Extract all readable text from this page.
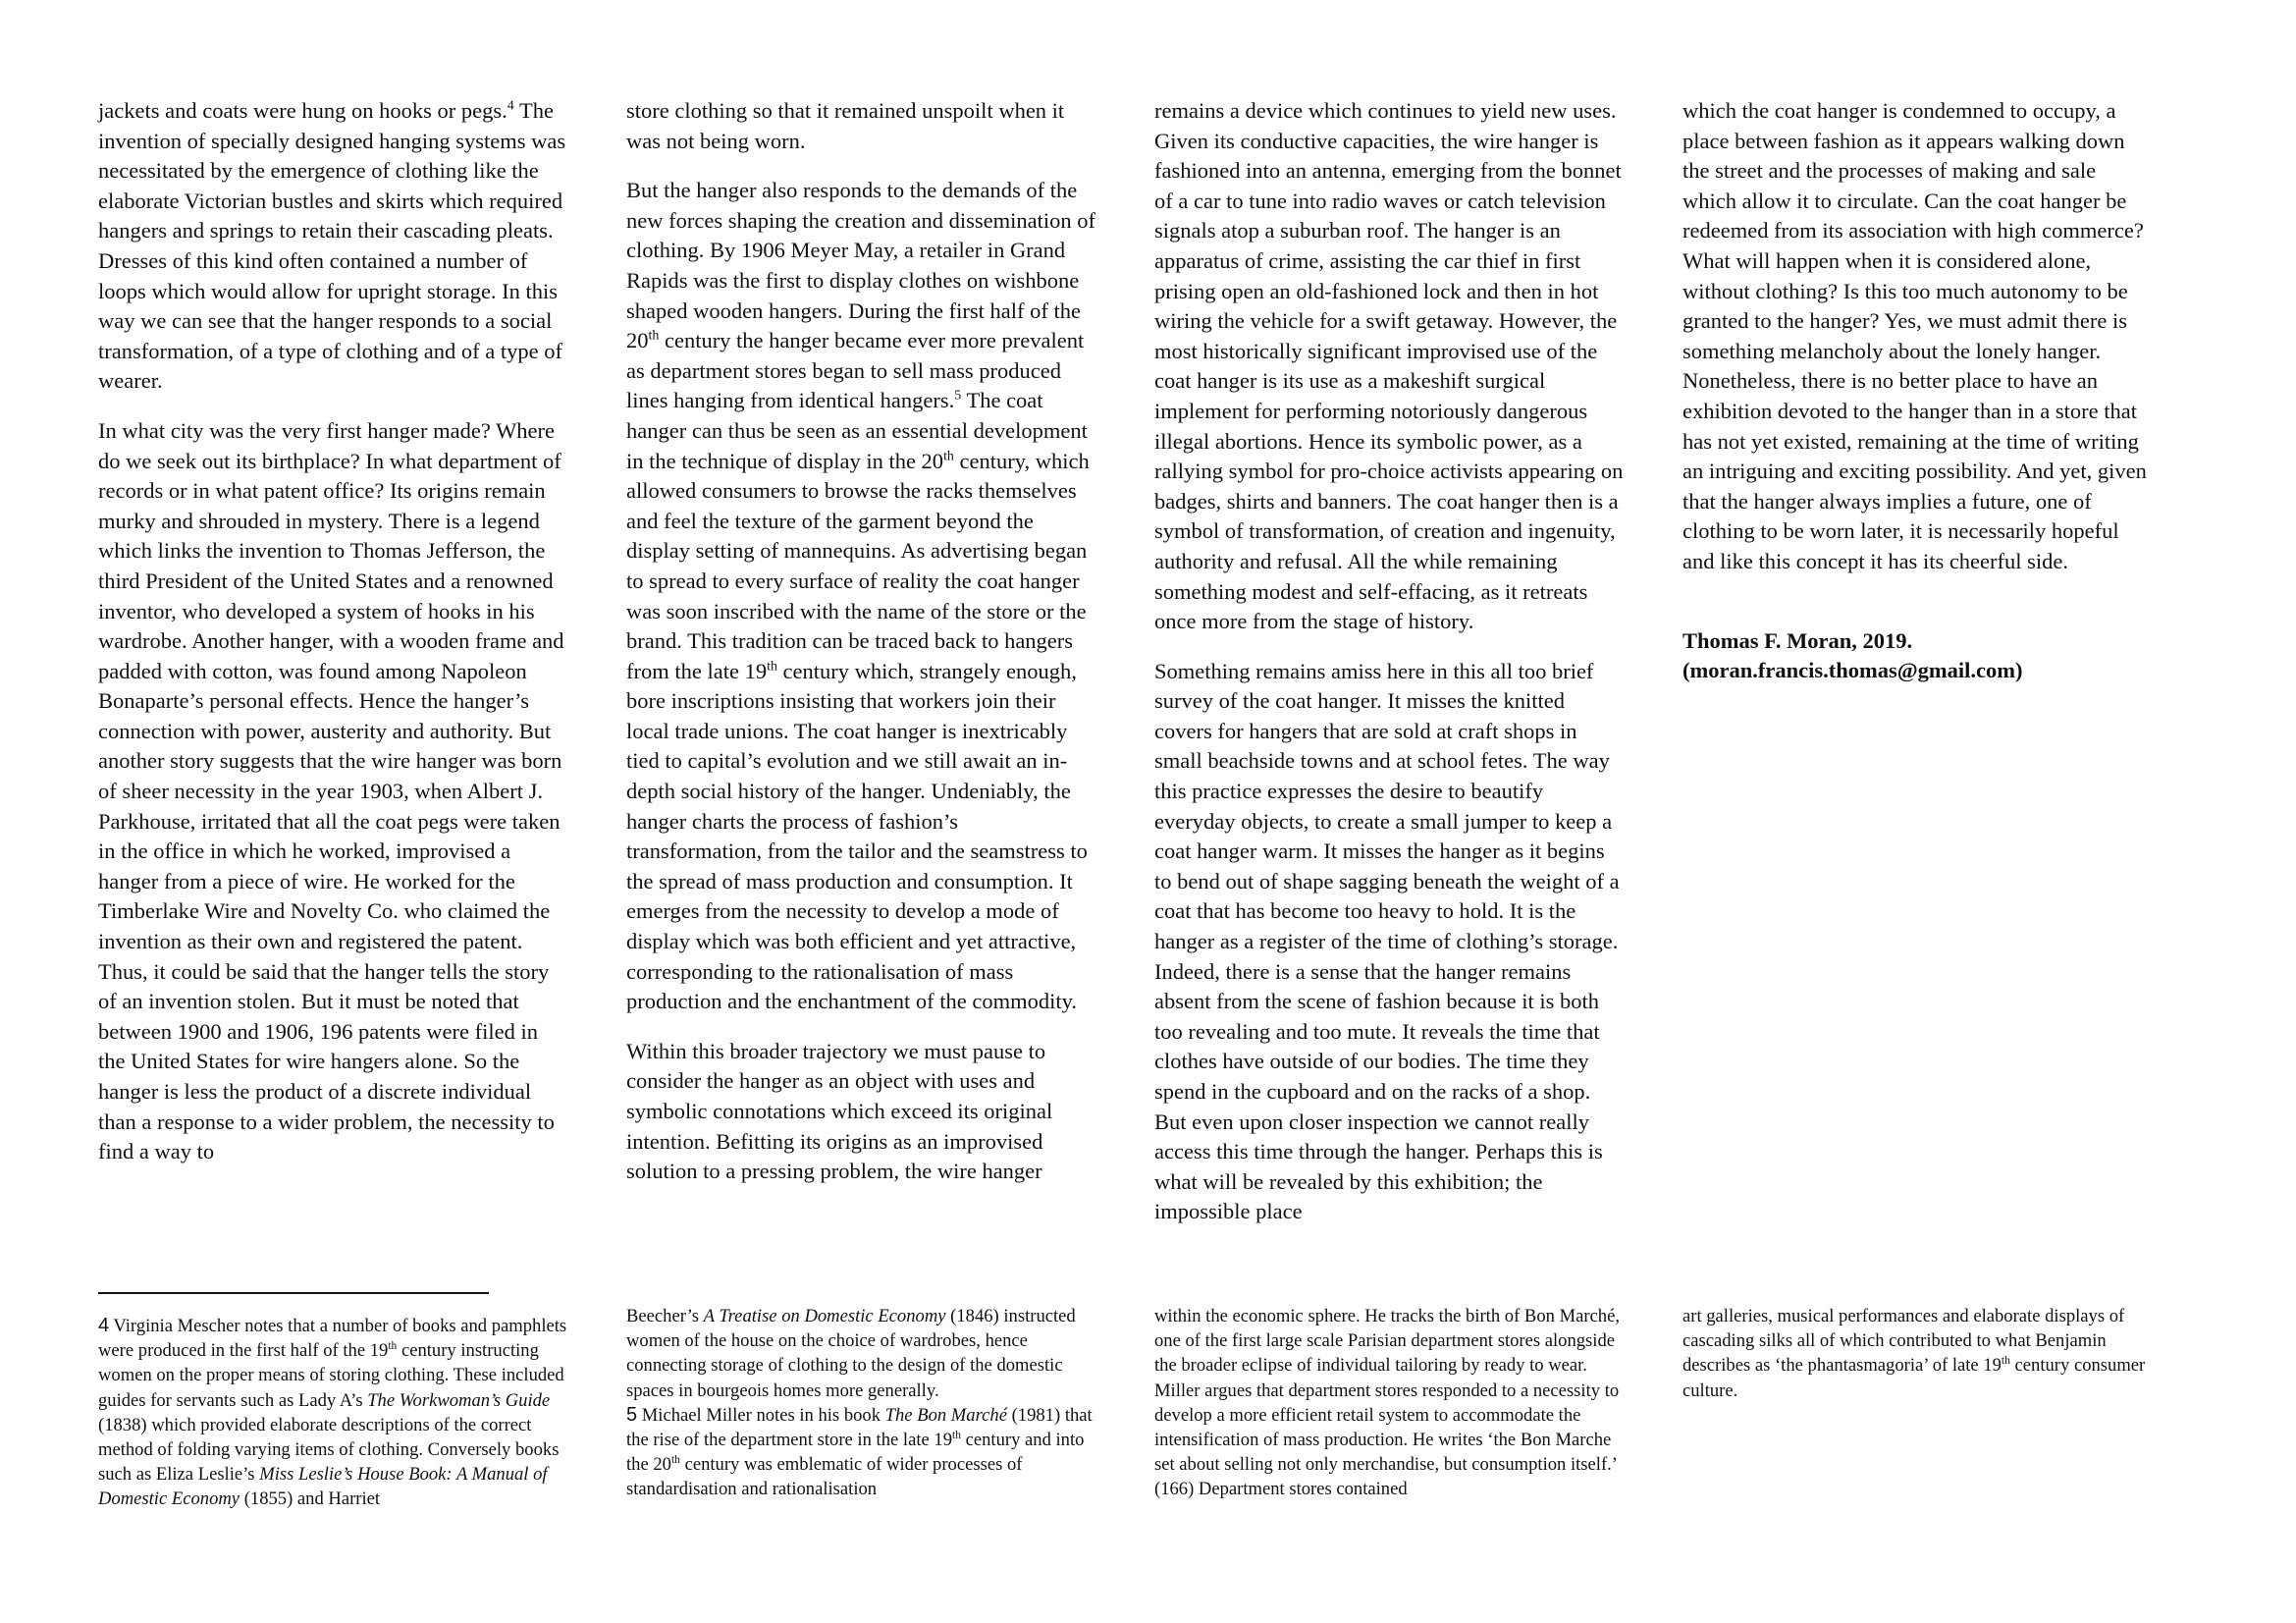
jackets and coats were hung on hooks or pegs.$^4$ The invention of specially designed hanging systems was necessitated by the emergence of clothing like the elaborate Victorian bustles and skirts which required hangers and springs to retain their cascading pleats. Dresses of this kind often contained a number of loops which would allow for upright storage. In this way we can see that the hanger responds to a social transformation, of a type of clothing and of a type of wearer.

In what city was the very first hanger made? Where do we seek out its birthplace? In what department of records or in what patent office? Its origins remain murky and shrouded in mystery. There is a legend which links the invention to Thomas Jefferson, the third President of the United States and a renowned inventor, who developed a system of hooks in his wardrobe. Another hanger, with a wooden frame and padded with cotton, was found among Napoleon Bonaparte’s personal effects. Hence the hanger’s connection with power, austerity and authority. But another story suggests that the wire hanger was born of sheer necessity in the year 1903, when Albert J. Parkhouse, irritated that all the coat pegs were taken in the office in which he worked, improvised a hanger from a piece of wire. He worked for the Timberlake Wire and Novelty Co. who claimed the invention as their own and registered the patent. Thus, it could be said that the hanger tells the story of an invention stolen. But it must be noted that between 1900 and 1906, 196 patents were filed in the United States for wire hangers alone. So the hanger is less the product of a discrete individual than a response to a wider problem, the necessity to find a way to

store clothing so that it remained unspoilt when it was not being worn.

But the hanger also responds to the demands of the new forces shaping the creation and dissemination of clothing. By 1906 Meyer May, a retailer in Grand Rapids was the first to display clothes on wishbone shaped wooden hangers. During the first half of the 20th century the hanger became ever more prevalent as department stores began to sell mass produced lines hanging from identical hangers.$^5$ The coat hanger can thus be seen as an essential development in the technique of display in the 20th century, which allowed consumers to browse the racks themselves and feel the texture of the garment beyond the display setting of mannequins. As advertising began to spread to every surface of reality the coat hanger was soon inscribed with the name of the store or the brand. This tradition can be traced back to hangers from the late 19th century which, strangely enough, bore inscriptions insisting that workers join their local trade unions. The coat hanger is inextricably tied to capital’s evolution and we still await an in-depth social history of the hanger. Undeniably, the hanger charts the process of fashion’s transformation, from the tailor and the seamstress to the spread of mass production and consumption. It emerges from the necessity to develop a mode of display which was both efficient and yet attractive, corresponding to the rationalisation of mass production and the enchantment of the commodity.

Within this broader trajectory we must pause to consider the hanger as an object with uses and symbolic connotations which exceed its original intention. Befitting its origins as an improvised solution to a pressing problem, the wire hanger

remains a device which continues to yield new uses. Given its conductive capacities, the wire hanger is fashioned into an antenna, emerging from the bonnet of a car to tune into radio waves or catch television signals atop a suburban roof. The hanger is an apparatus of crime, assisting the car thief in first prising open an old-fashioned lock and then in hot wiring the vehicle for a swift getaway. However, the most historically significant improvised use of the coat hanger is its use as a makeshift surgical implement for performing notoriously dangerous illegal abortions. Hence its symbolic power, as a rallying symbol for pro-choice activists appearing on badges, shirts and banners. The coat hanger then is a symbol of transformation, of creation and ingenuity, authority and refusal. All the while remaining something modest and self-effacing, as it retreats once more from the stage of history.

Something remains amiss here in this all too brief survey of the coat hanger. It misses the knitted covers for hangers that are sold at craft shops in small beachside towns and at school fetes. The way this practice expresses the desire to beautify everyday objects, to create a small jumper to keep a coat hanger warm. It misses the hanger as it begins to bend out of shape sagging beneath the weight of a coat that has become too heavy to hold. It is the hanger as a register of the time of clothing’s storage. Indeed, there is a sense that the hanger remains absent from the scene of fashion because it is both too revealing and too mute. It reveals the time that clothes have outside of our bodies. The time they spend in the cupboard and on the racks of a shop. But even upon closer inspection we cannot really access this time through the hanger. Perhaps this is what will be revealed by this exhibition; the impossible place

which the coat hanger is condemned to occupy, a place between fashion as it appears walking down the street and the processes of making and sale which allow it to circulate. Can the coat hanger be redeemed from its association with high commerce? What will happen when it is considered alone, without clothing? Is this too much autonomy to be granted to the hanger? Yes, we must admit there is something melancholy about the lonely hanger. Nonetheless, there is no better place to have an exhibition devoted to the hanger than in a store that has not yet existed, remaining at the time of writing an intriguing and exciting possibility. And yet, given that the hanger always implies a future, one of clothing to be worn later, it is necessarily hopeful and like this concept it has its cheerful side.

Thomas F. Moran, 2019.
(moran.francis.thomas@gmail.com)

4 Virginia Mescher notes that a number of books and pamphlets were produced in the first half of the 19th century instructing women on the proper means of storing clothing. These included guides for servants such as Lady A’s The Workwoman’s Guide (1838) which provided elaborate descriptions of the correct method of folding varying items of clothing. Conversely books such as Eliza Leslie’s Miss Leslie’s House Book: A Manual of Domestic Economy (1855) and Harriet

Beecher’s A Treatise on Domestic Economy (1846) instructed women of the house on the choice of wardrobes, hence connecting storage of clothing to the design of the domestic spaces in bourgeois homes more generally.

5 Michael Miller notes in his book The Bon Marché (1981) that the rise of the department store in the late 19th century and into the 20th century was emblematic of wider processes of standardisation and rationalisation

within the economic sphere. He tracks the birth of Bon Marché, one of the first large scale Parisian department stores alongside the broader eclipse of individual tailoring by ready to wear. Miller argues that department stores responded to a necessity to develop a more efficient retail system to accommodate the intensification of mass production. He writes ‘the Bon Marche set about selling not only merchandise, but consumption itself.’ (166) Department stores contained

art galleries, musical performances and elaborate displays of cascading silks all of which contributed to what Benjamin describes as ‘the phantasmagoria’ of late 19th century consumer culture.
